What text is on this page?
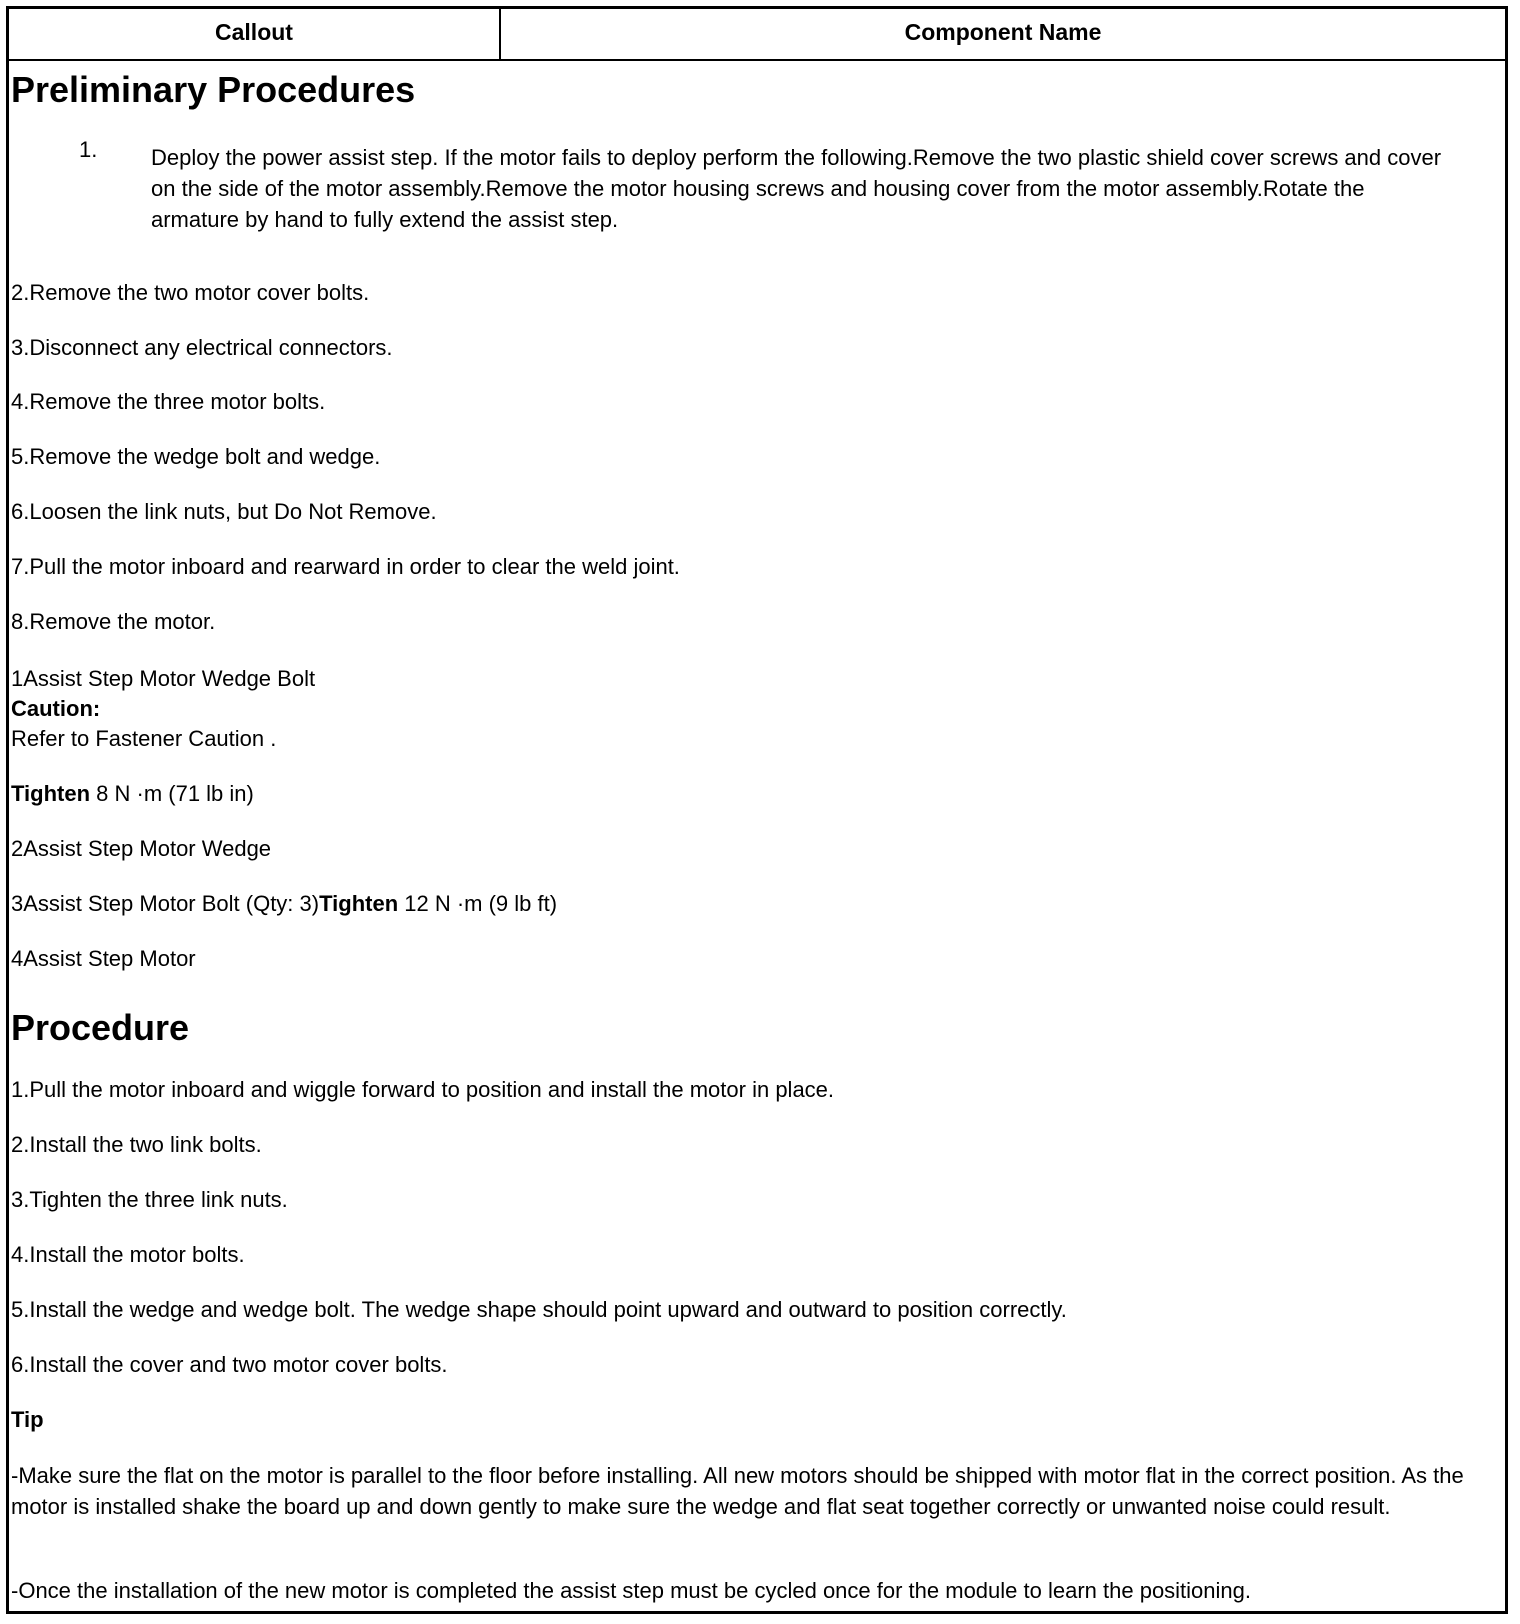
Callout	Component Name
Preliminary Procedures
1. Deploy the power assist step. If the motor fails to deploy perform the following.Remove the two plastic shield cover screws and cover on the side of the motor assembly.Remove the motor housing screws and housing cover from the motor assembly.Rotate the armature by hand to fully extend the assist step.
2.Remove the two motor cover bolts.
3.Disconnect any electrical connectors.
4.Remove the three motor bolts.
5.Remove the wedge bolt and wedge.
6.Loosen the link nuts, but Do Not Remove.
7.Pull the motor inboard and rearward in order to clear the weld joint.
8.Remove the motor.
1Assist Step Motor Wedge Bolt
Caution:
Refer to Fastener Caution .
Tighten 8 N ·m (71 lb in)
2Assist Step Motor Wedge
3Assist Step Motor Bolt (Qty: 3)Tighten 12 N ·m (9 lb ft)
4Assist Step Motor
Procedure
1.Pull the motor inboard and wiggle forward to position and install the motor in place.
2.Install the two link bolts.
3.Tighten the three link nuts.
4.Install the motor bolts.
5.Install the wedge and wedge bolt. The wedge shape should point upward and outward to position correctly.
6.Install the cover and two motor cover bolts.
Tip
-Make sure the flat on the motor is parallel to the floor before installing. All new motors should be shipped with motor flat in the correct position. As the motor is installed shake the board up and down gently to make sure the wedge and flat seat together correctly or unwanted noise could result.
-Once the installation of the new motor is completed the assist step must be cycled once for the module to learn the positioning.
